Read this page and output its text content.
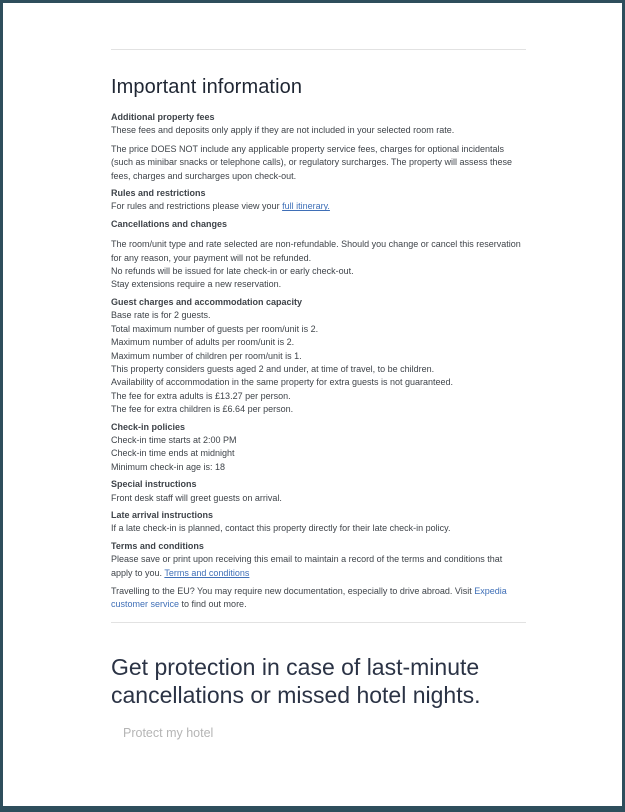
Important information
Additional property fees
These fees and deposits only apply if they are not included in your selected room rate.
The price DOES NOT include any applicable property service fees, charges for optional incidentals (such as minibar snacks or telephone calls), or regulatory surcharges. The property will assess these fees, charges and surcharges upon check-out.
Rules and restrictions
For rules and restrictions please view your full itinerary.
Cancellations and changes
The room/unit type and rate selected are non-refundable. Should you change or cancel this reservation for any reason, your payment will not be refunded.
No refunds will be issued for late check-in or early check-out.
Stay extensions require a new reservation.
Guest charges and accommodation capacity
Base rate is for 2 guests.
Total maximum number of guests per room/unit is 2.
Maximum number of adults per room/unit is 2.
Maximum number of children per room/unit is 1.
This property considers guests aged 2 and under, at time of travel, to be children.
Availability of accommodation in the same property for extra guests is not guaranteed.
The fee for extra adults is £13.27 per person.
The fee for extra children is £6.64 per person.
Check-in policies
Check-in time starts at 2:00 PM
Check-in time ends at midnight
Minimum check-in age is: 18
Special instructions
Front desk staff will greet guests on arrival.
Late arrival instructions
If a late check-in is planned, contact this property directly for their late check-in policy.
Terms and conditions
Please save or print upon receiving this email to maintain a record of the terms and conditions that apply to you. Terms and conditions
Travelling to the EU? You may require new documentation, especially to drive abroad. Visit Expedia customer service to find out more.
Get protection in case of last-minute cancellations or missed hotel nights.
Protect my hotel
